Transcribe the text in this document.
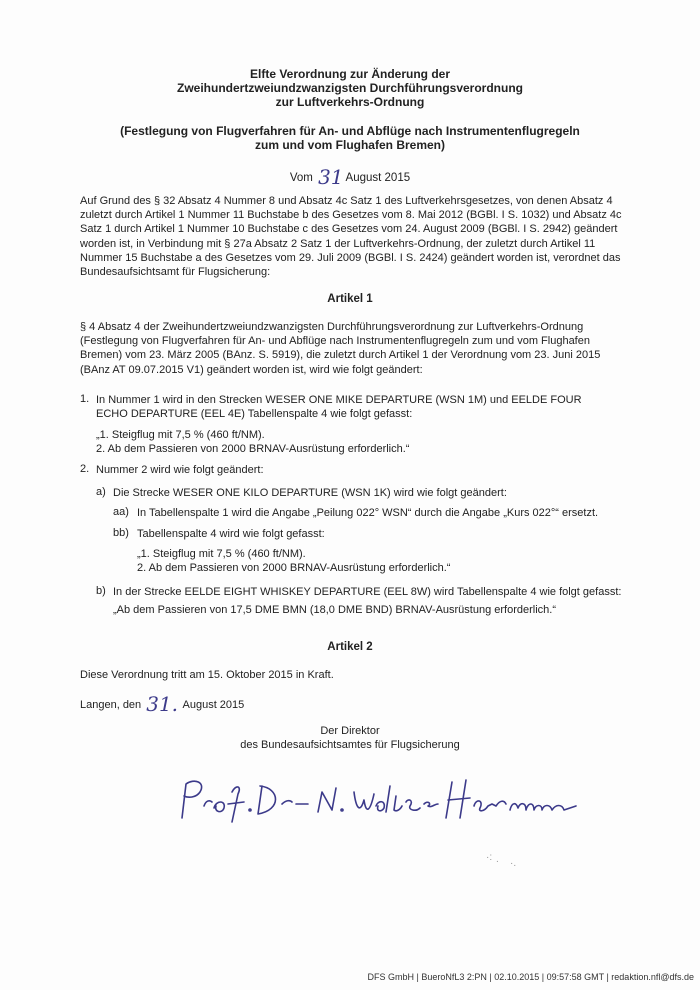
Elfte Verordnung zur Änderung der
Zweihundertzweiundzwanzigsten Durchführungsverordnung
zur Luftverkehrs-Ordnung
(Festlegung von Flugverfahren für An- und Abflüge nach Instrumentenflugregeln
zum und vom Flughafen Bremen)
Vom 31 August 2015
Auf Grund des § 32 Absatz 4 Nummer 8 und Absatz 4c Satz 1 des Luftverkehrsgesetzes, von denen Absatz 4 zuletzt durch Artikel 1 Nummer 11 Buchstabe b des Gesetzes vom 8. Mai 2012 (BGBl. I S. 1032) und Absatz 4c Satz 1 durch Artikel 1 Nummer 10 Buchstabe c des Gesetzes vom 24. August 2009 (BGBl. I S. 2942) geändert worden ist, in Verbindung mit § 27a Absatz 2 Satz 1 der Luftverkehrs-Ordnung, der zuletzt durch Artikel 11 Nummer 15 Buchstabe a des Gesetzes vom 29. Juli 2009 (BGBl. I S. 2424) geändert worden ist, verordnet das Bundesaufsichtsamt für Flugsicherung:
Artikel 1
§ 4 Absatz 4 der Zweihundertzweiundzwanzigsten Durchführungsverordnung zur Luftverkehrs-Ordnung (Festlegung von Flugverfahren für An- und Abflüge nach Instrumentenflugregeln zum und vom Flughafen Bremen) vom 23. März 2005 (BAnz. S. 5919), die zuletzt durch Artikel 1 der Verordnung vom 23. Juni 2015 (BAnz AT 09.07.2015 V1) geändert worden ist, wird wie folgt geändert:
1. In Nummer 1 wird in den Strecken WESER ONE MIKE DEPARTURE (WSN 1M) und EELDE FOUR ECHO DEPARTURE (EEL 4E) Tabellenspalte 4 wie folgt gefasst:
„1. Steigflug mit 7,5 % (460 ft/NM).
2. Ab dem Passieren von 2000 BRNAV-Ausrüstung erforderlich.“
2. Nummer 2 wird wie folgt geändert:
a) Die Strecke WESER ONE KILO DEPARTURE (WSN 1K) wird wie folgt geändert:
aa) In Tabellenspalte 1 wird die Angabe „Peilung 022° WSN“ durch die Angabe „Kurs 022°“ ersetzt.
bb) Tabellenspalte 4 wird wie folgt gefasst:
„1. Steigflug mit 7,5 % (460 ft/NM).
2. Ab dem Passieren von 2000 BRNAV-Ausrüstung erforderlich.“
b) In der Strecke EELDE EIGHT WHISKEY DEPARTURE (EEL 8W) wird Tabellenspalte 4 wie folgt gefasst:
„Ab dem Passieren von 17,5 DME BMN (18,0 DME BND) BRNAV-Ausrüstung erforderlich.“
Artikel 2
Diese Verordnung tritt am 15. Oktober 2015 in Kraft.
Langen, den 31. August 2015
Der Direktor
des Bundesaufsichtsamtes für Flugsicherung
·: . ·.
DFS GmbH | BueroNfL3 2:PN | 02.10.2015 | 09:57:58 GMT | redaktion.nfl@dfs.de
